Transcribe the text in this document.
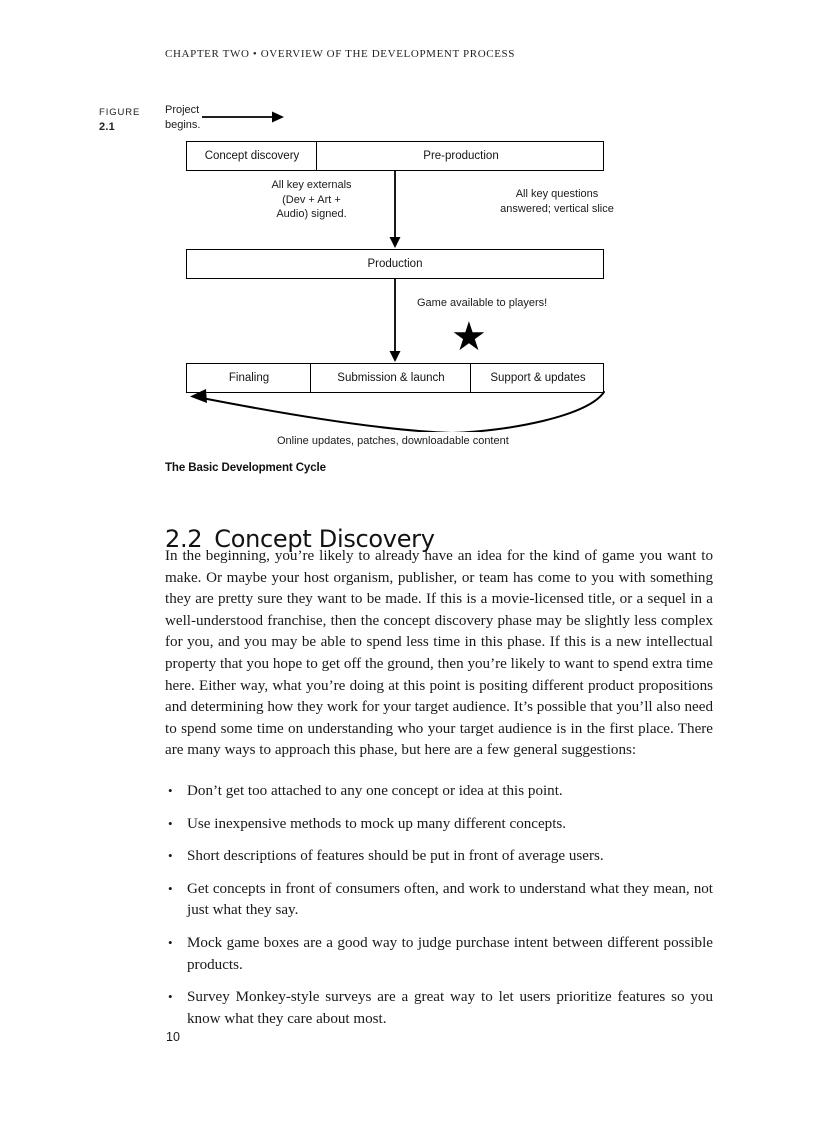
CHAPTER TWO • OVERVIEW OF THE DEVELOPMENT PROCESS
FIGURE
2.1
Project
begins.
Concept discovery	Pre-production
All key externals
(Dev + Art +
Audio) signed.
All key questions
answered; vertical slice
Production
Game available to players!
★
Finaling	Submission & launch	Support & updates
Online updates, patches, downloadable content
The Basic Development Cycle
2.2 Concept Discovery

In the beginning, you’re likely to already have an idea for the kind of game you want to make. Or maybe your host organism, publisher, or team has come to you with something they are pretty sure they want to be made. If this is a movie-licensed title, or a sequel in a well-understood franchise, then the concept discovery phase may be slightly less complex for you, and you may be able to spend less time in this phase. If this is a new intellectual property that you hope to get off the ground, then you’re likely to want to spend extra time here. Either way, what you’re doing at this point is positing different product propositions and determining how they work for your target audience. It’s possible that you’ll also need to spend some time on understanding who your target audience is in the first place. There are many ways to approach this phase, but here are a few general suggestions:

• Don’t get too attached to any one concept or idea at this point.
• Use inexpensive methods to mock up many different concepts.
• Short descriptions of features should be put in front of average users.
• Get concepts in front of consumers often, and work to understand what they mean, not just what they say.
• Mock game boxes are a good way to judge purchase intent between different possible products.
• Survey Monkey-style surveys are a great way to let users prioritize features so you know what they care about most.
10
